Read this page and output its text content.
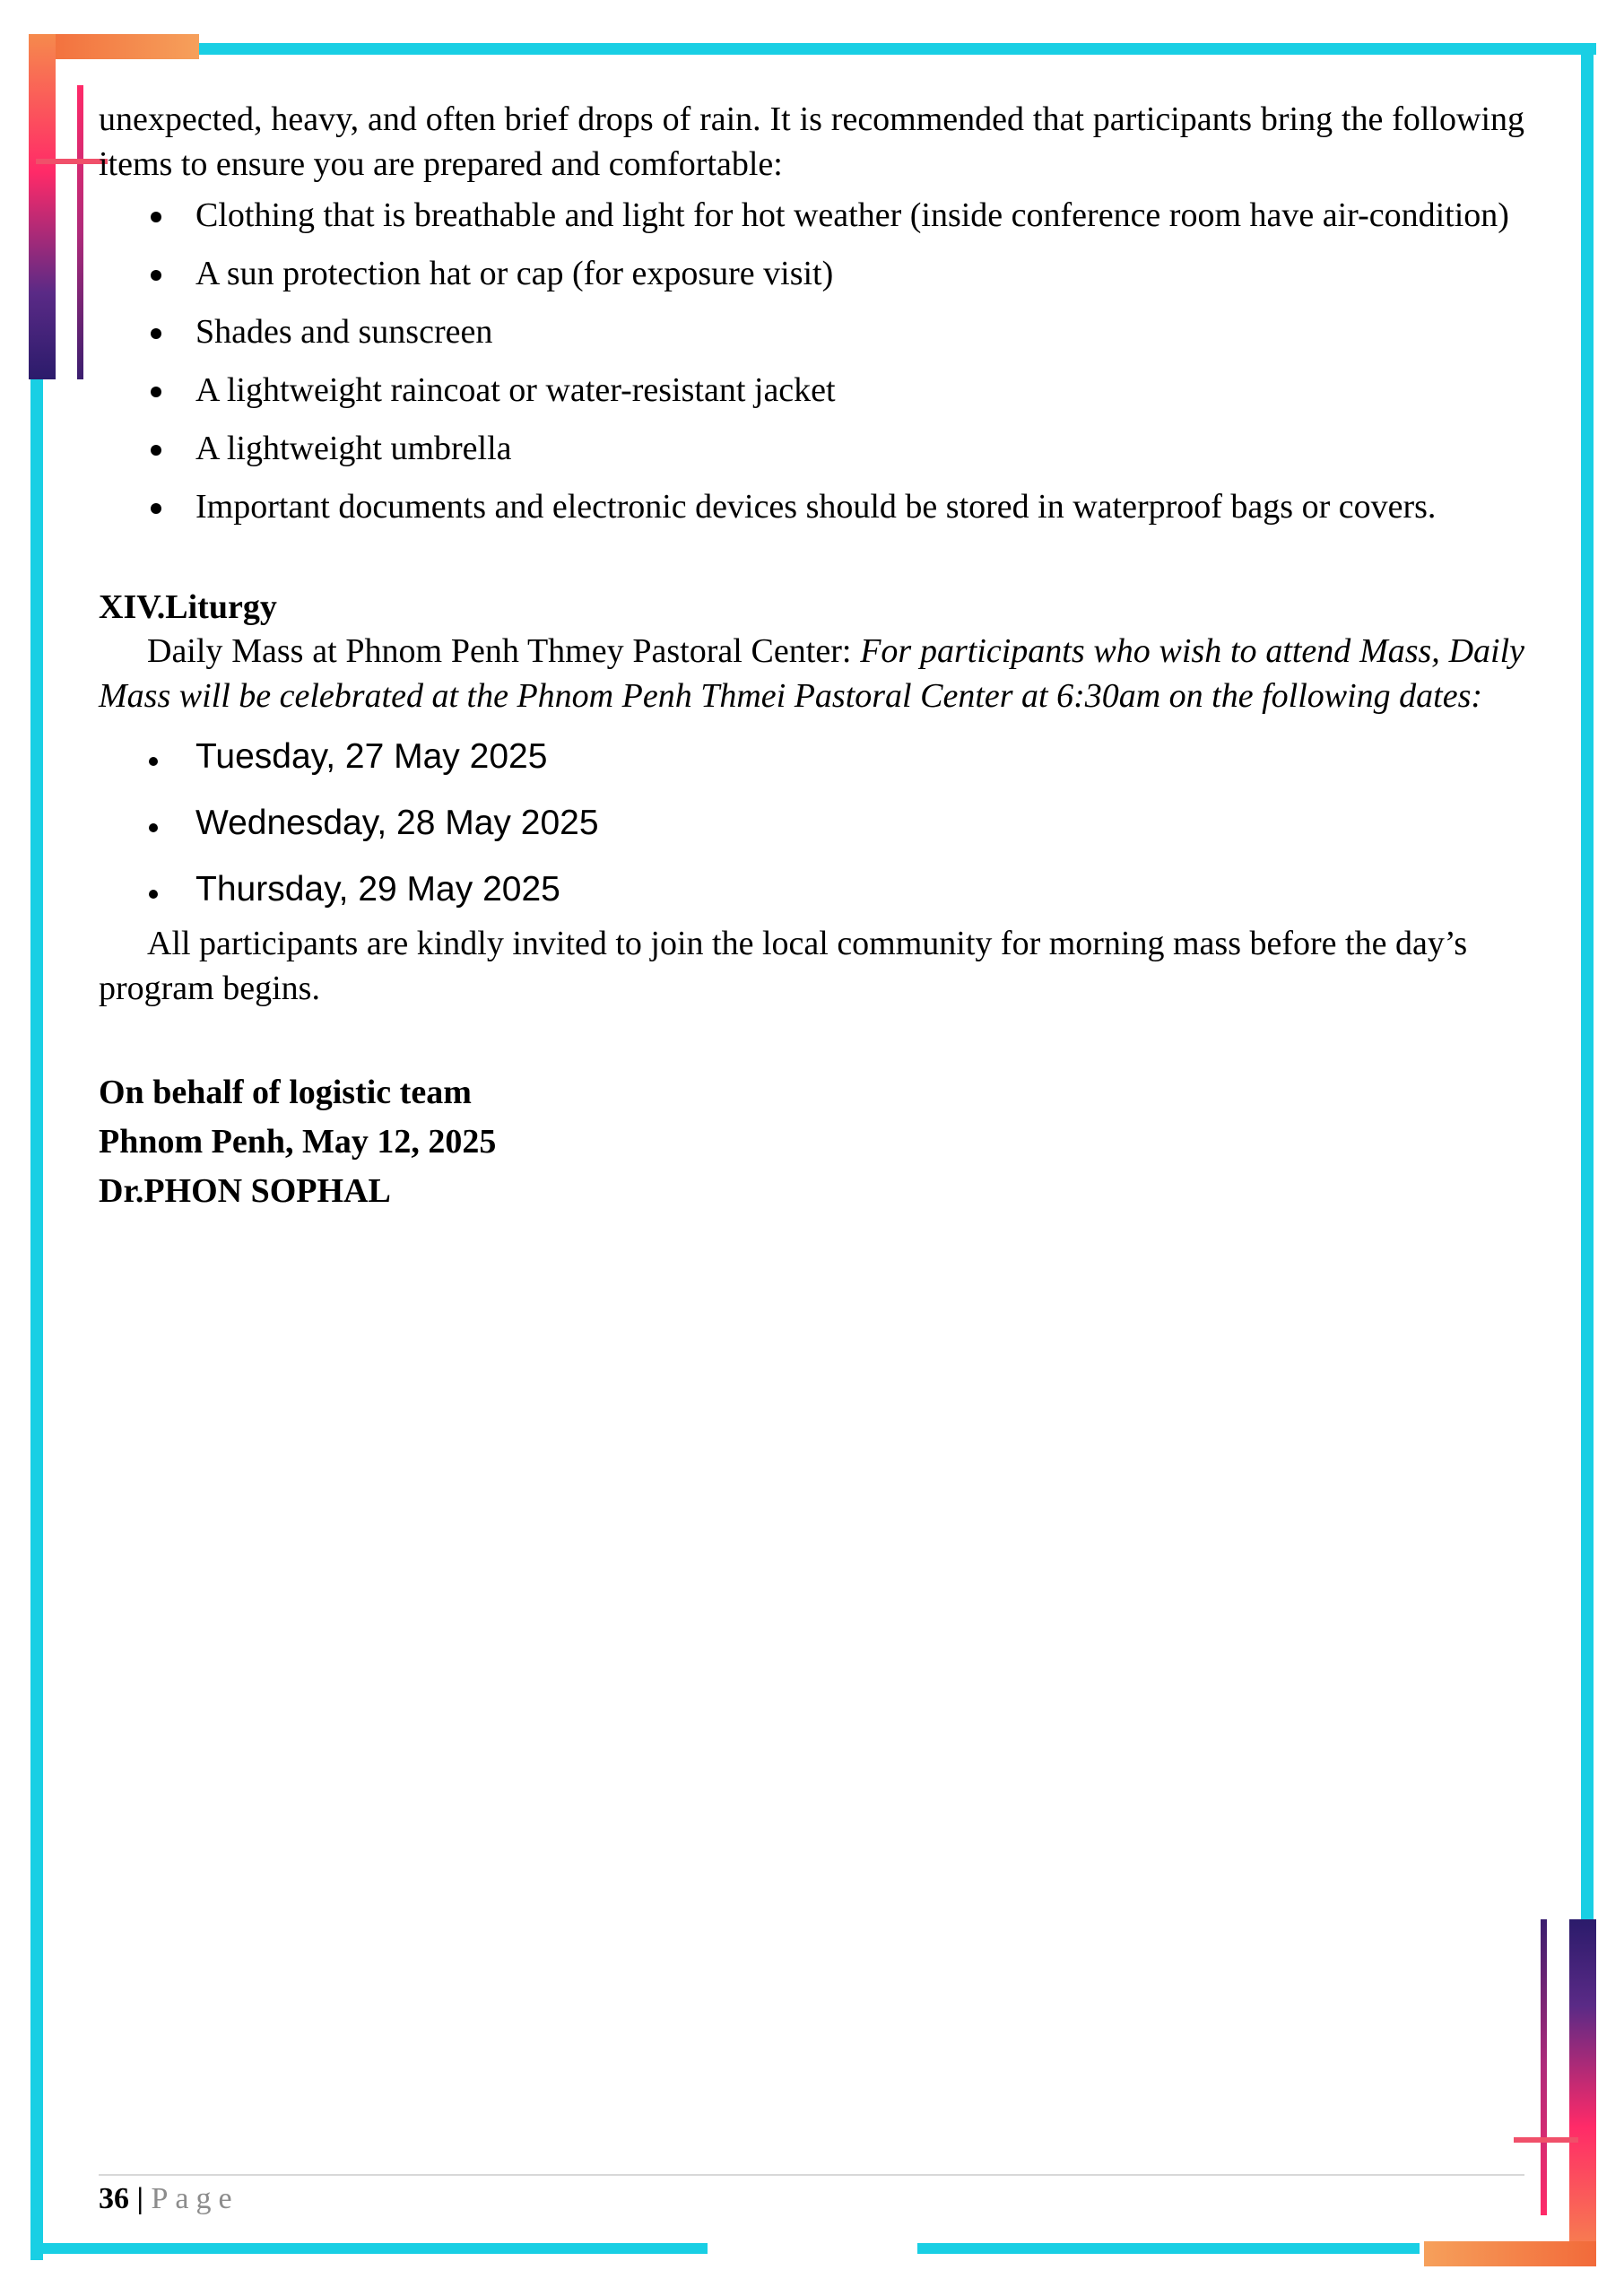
unexpected, heavy, and often brief drops of rain. It is recommended that participants bring the following items to ensure you are prepared and comfortable:

Clothing that is breathable and light for hot weather (inside conference room have air-condition)
A sun protection hat or cap (for exposure visit)
Shades and sunscreen
A lightweight raincoat or water-resistant jacket
A lightweight umbrella
Important documents and electronic devices should be stored in waterproof bags or covers.

XIV.Liturgy

Daily Mass at Phnom Penh Thmey Pastoral Center: For participants who wish to attend Mass, Daily Mass will be celebrated at the Phnom Penh Thmei Pastoral Center at 6:30am on the following dates:

Tuesday, 27 May 2025
Wednesday, 28 May 2025
Thursday, 29 May 2025

All participants are kindly invited to join the local community for morning mass before the day’s program begins.

On behalf of logistic team
Phnom Penh, May 12, 2025
Dr.PHON SOPHAL
36 | Page
